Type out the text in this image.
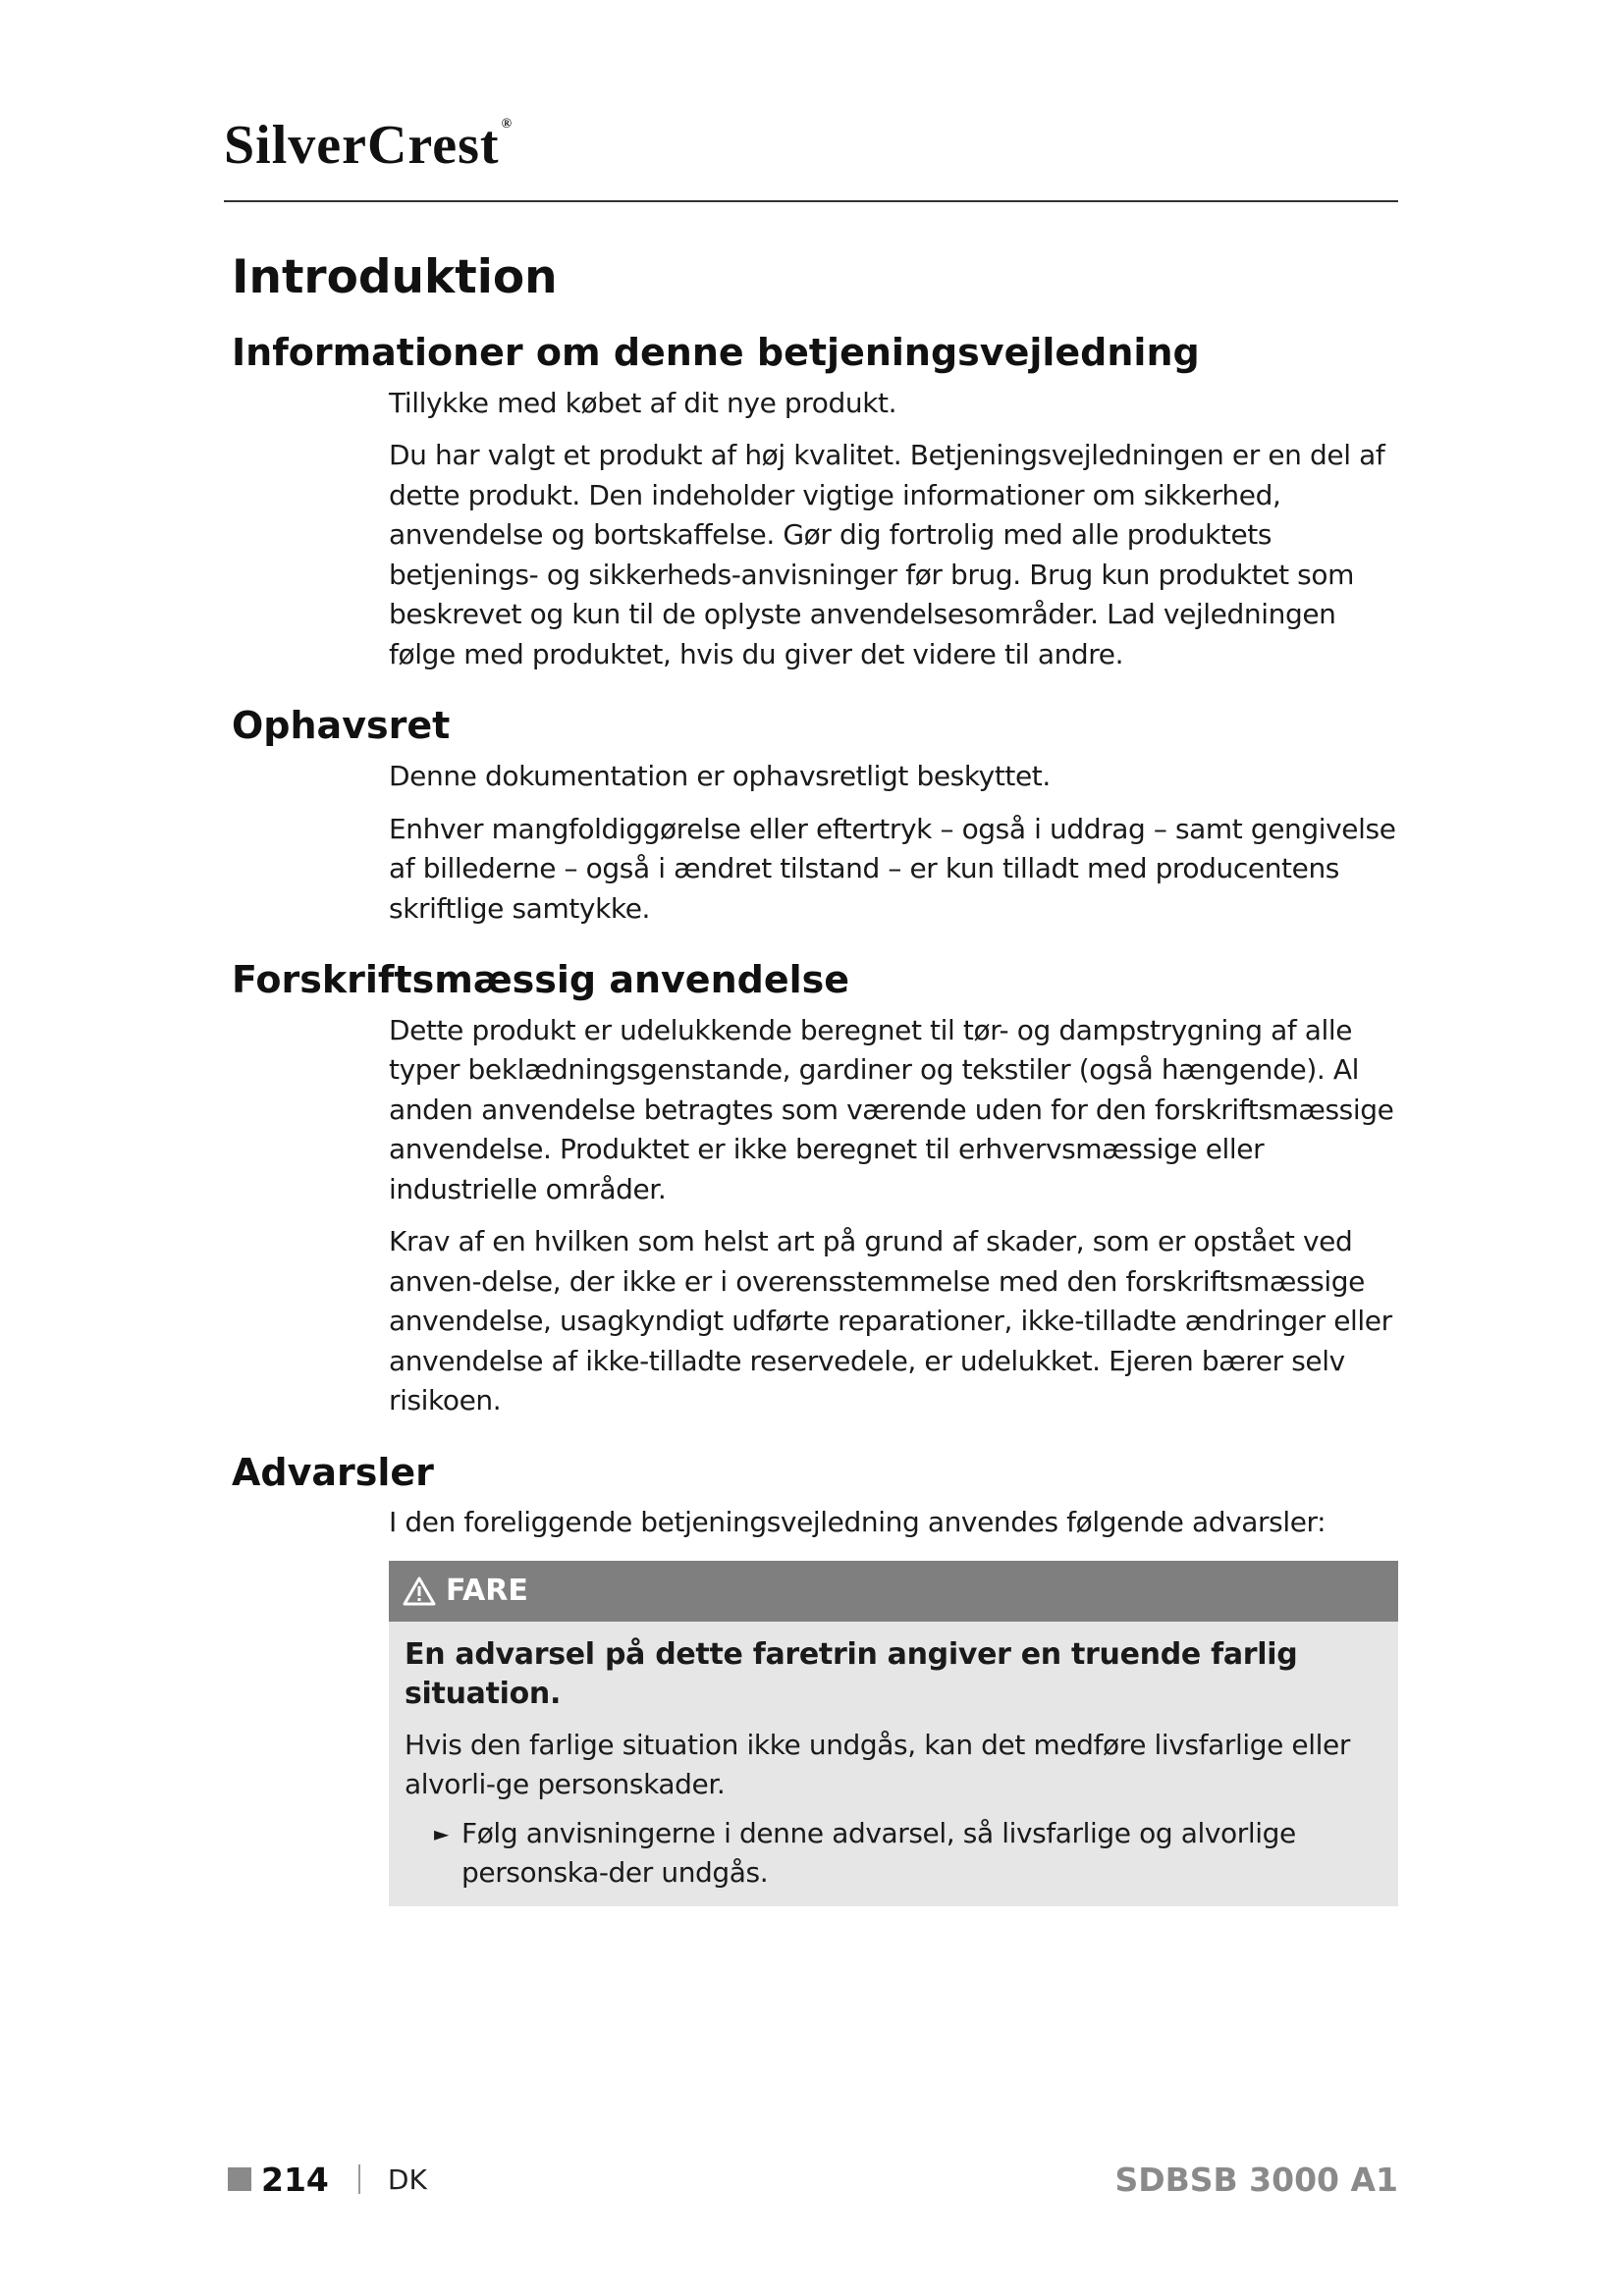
SilverCrest ®
Introduktion
Informationer om denne betjeningsvejledning

Tillykke med købet af dit nye produkt.

Du har valgt et produkt af høj kvalitet. Betjeningsvejledningen er en del af dette produkt. Den indeholder vigtige informationer om sikkerhed, anvendelse og bortskaffelse. Gør dig fortrolig med alle produktets betjenings- og sikkerheds-anvisninger før brug. Brug kun produktet som beskrevet og kun til de oplyste anvendelsesområder. Lad vejledningen følge med produktet, hvis du giver det videre til andre.

Ophavsret

Denne dokumentation er ophavsretligt beskyttet.

Enhver mangfoldiggørelse eller eftertryk – også i uddrag – samt gengivelse af billederne – også i ændret tilstand – er kun tilladt med producentens skriftlige samtykke.

Forskriftsmæssig anvendelse

Dette produkt er udelukkende beregnet til tør- og dampstrygning af alle typer beklædningsgenstande, gardiner og tekstiler (også hængende). Al anden anvendelse betragtes som værende uden for den forskriftsmæssige anvendelse. Produktet er ikke beregnet til erhvervsmæssige eller industrielle områder.

Krav af en hvilken som helst art på grund af skader, som er opstået ved anven-delse, der ikke er i overensstemmelse med den forskriftsmæssige anvendelse, usagkyndigt udførte reparationer, ikke-tilladte ændringer eller anvendelse af ikke-tilladte reservedele, er udelukket. Ejeren bærer selv risikoen.

Advarsler

I den foreliggende betjeningsvejledning anvendes følgende advarsler:

FARE

En advarsel på dette faretrin angiver en truende farlig situation.

Hvis den farlige situation ikke undgås, kan det medføre livsfarlige eller alvorli-ge personskader.

► Følg anvisningerne i denne advarsel, så livsfarlige og alvorlige personska-der undgås.

214 DK	SDBSB 3000 A1
